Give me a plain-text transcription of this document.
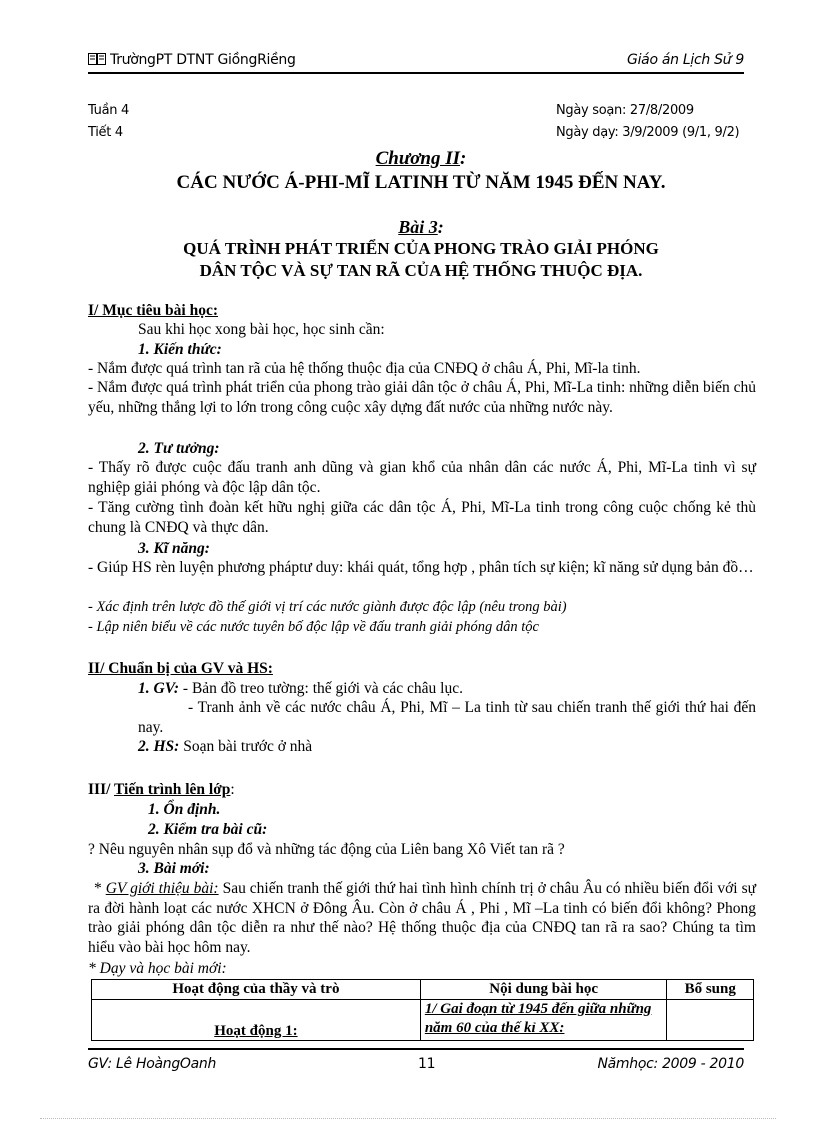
TrườngPT DTNT GiồngRiềng	Giáo án Lịch Sử 9
Tuần 4
Tiết 4
Ngày soạn: 27/8/2009
Ngày dạy: 3/9/2009 (9/1, 9/2)
Chương II:
CÁC NƯỚC Á-PHI-MĨ LATINH TỪ NĂM 1945 ĐẾN NAY.
Bài 3:
QUÁ TRÌNH PHÁT TRIỂN CỦA PHONG TRÀO GIẢI PHÓNG
DÂN TỘC VÀ SỰ TAN RÃ CỦA HỆ THỐNG THUỘC ĐỊA.
I/ Mục tiêu bài học:
Sau khi học xong bài học, học sinh cần:
1. Kiến thức:
- Nắm được quá trình tan rã của hệ thống thuộc địa của CNĐQ ở châu Á, Phi, Mĩ-la tinh.
- Nắm được quá trình phát triển của phong trào giải dân tộc ở châu Á, Phi, Mĩ-La tinh: những diễn biến chủ yếu, những thắng lợi to lớn trong công cuộc xây dựng đất nước của những nước này.
2. Tư tưởng:
- Thấy rõ được cuộc đấu tranh anh dũng và gian khổ của nhân dân các nước Á, Phi, Mĩ-La tinh vì sự nghiệp giải phóng và độc lập dân tộc.
- Tăng cường tình đoàn kết hữu nghị giữa các dân tộc Á, Phi, Mĩ-La tinh trong công cuộc chống kẻ thù chung là CNĐQ và thực dân.
3. Kĩ năng:
- Giúp HS rèn luyện phương pháptư duy: khái quát, tổng hợp , phân tích sự kiện; kĩ năng sử dụng bản đồ…
- Xác định trên lược đồ thế giới vị trí các nước giành được độc lập (nêu trong bài)
- Lập niên biểu về các nước tuyên bố độc lập về đấu tranh giải phóng dân tộc
II/ Chuẩn bị của GV và HS:
1. GV: - Bản đồ treo tường: thế giới và các châu lục.
- Tranh ảnh về các nước châu Á, Phi, Mĩ – La tinh từ sau chiến tranh thế giới thứ hai đến nay.
2. HS: Soạn bài trước ở nhà
III/ Tiến trình lên lớp:
1. Ổn định.
2. Kiểm tra bài cũ:
? Nêu nguyên nhân sụp đổ và những tác động của Liên bang Xô Viết tan rã ?
3. Bài mới:
* GV giới thiệu bài: Sau chiến tranh thế giới thứ hai tình hình chính trị ở châu Âu có nhiều biến đổi với sự ra đời hành loạt các nước XHCN ở Đông Âu. Còn ở châu Á , Phi , Mĩ –La tinh có biến đổi không? Phong trào giải phóng dân tộc diễn ra như thế nào? Hệ thống thuộc địa của CNĐQ tan rã ra sao? Chúng ta tìm hiểu vào bài học hôm nay.
* Dạy và học bài mới:
Hoạt động của thầy và trò	Nội dung bài học	Bổ sung
Hoạt động 1:	1/ Gai đoạn từ 1945 đến giữa những năm 60 của thế kỉ XX:	
GV: Lê HoàngOanh	11	Nămhọc: 2009 - 2010
